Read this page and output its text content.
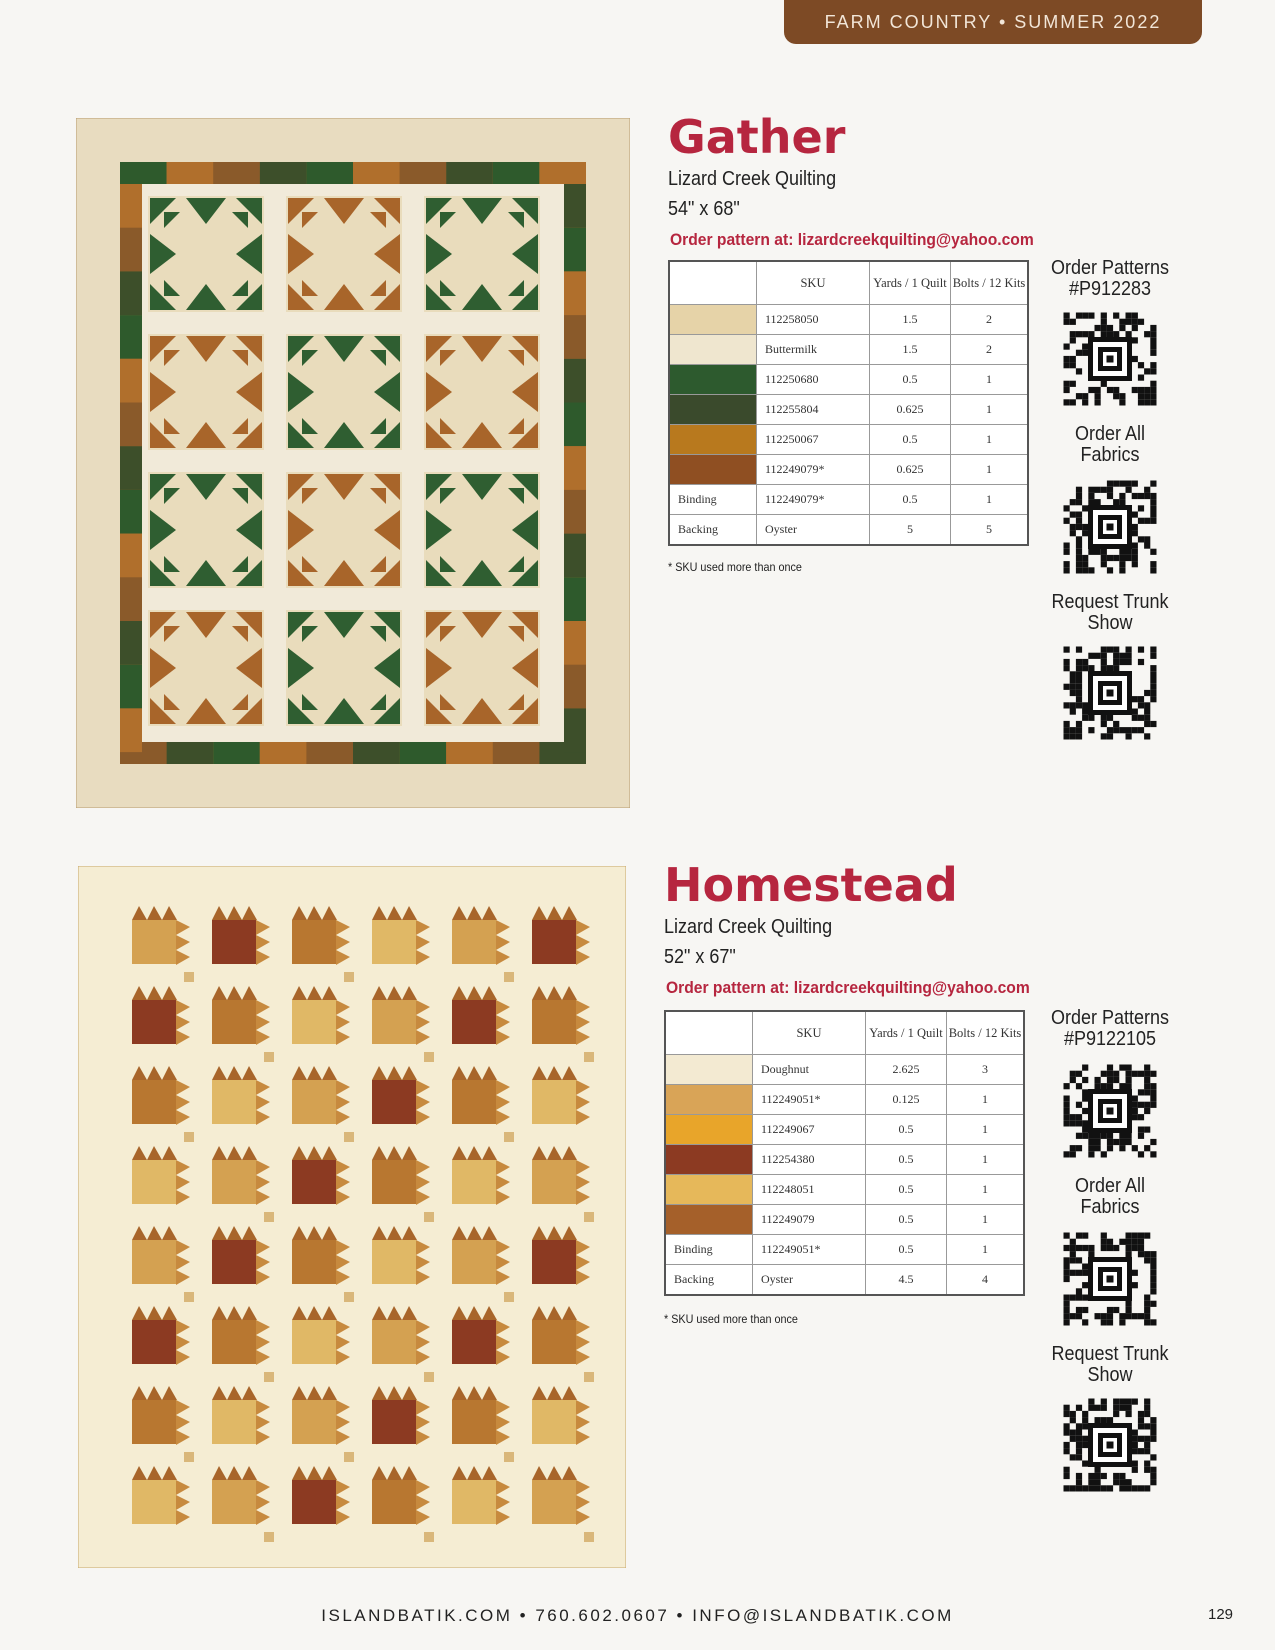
FARM COUNTRY • SUMMER 2022
Gather
Lizard Creek Quilting
54" x 68"
Order pattern at: lizardcreekquilting@yahoo.com
	SKU	Yards / 1 Quilt	Bolts / 12 Kits
	112258050	1.5	2
	Buttermilk	1.5	2
	112250680	0.5	1
	112255804	0.625	1
	112250067	0.5	1
	112249079*	0.625	1
Binding	112249079*	0.5	1
Backing	Oyster	5	5
* SKU used more than once
Order Patterns #P912283
Order All Fabrics
Request Trunk Show
Homestead
Lizard Creek Quilting
52" x 67"
Order pattern at: lizardcreekquilting@yahoo.com
	SKU	Yards / 1 Quilt	Bolts / 12 Kits
	Doughnut	2.625	3
	112249051*	0.125	1
	112249067	0.5	1
	112254380	0.5	1
	112248051	0.5	1
	112249079	0.5	1
Binding	112249051*	0.5	1
Backing	Oyster	4.5	4
* SKU used more than once
Order Patterns #P9122105
Order All Fabrics
Request Trunk Show
ISLANDBATIK.COM • 760.602.0607 • INFO@ISLANDBATIK.COM	129
